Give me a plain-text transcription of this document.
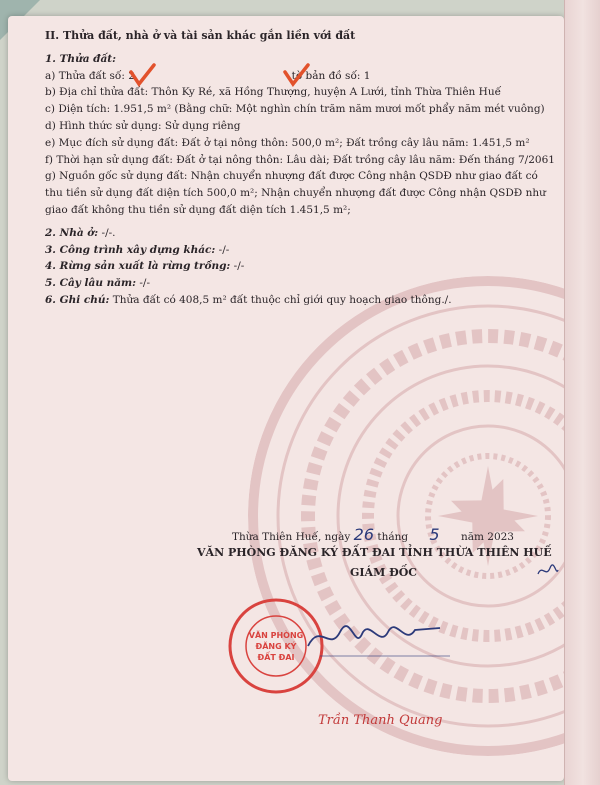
II. Thửa đất, nhà ở và tài sản khác gắn liền với đất
1. Thửa đất:
a) Thửa đất số: 2	tờ bản đồ số: 1
b) Địa chỉ thửa đất: Thôn Ky Ré, xã Hồng Thượng, huyện A Lưới, tỉnh Thừa Thiên Huế
c) Diện tích: 1.951,5 m² (Bằng chữ: Một nghìn chín trăm năm mươi mốt phẩy năm mét vuông)
d) Hình thức sử dụng: Sử dụng riêng
e) Mục đích sử dụng đất: Đất ở tại nông thôn: 500,0 m²; Đất trồng cây lâu năm: 1.451,5 m²
f) Thời hạn sử dụng đất: Đất ở tại nông thôn: Lâu dài; Đất trồng cây lâu năm: Đến tháng 7/2061
g) Nguồn gốc sử dụng đất: Nhận chuyển nhượng đất được Công nhận QSDĐ như giao đất có
thu tiền sử dụng đất diện tích 500,0 m²; Nhận chuyển nhượng đất được Công nhận QSDĐ như
giao đất không thu tiền sử dụng đất diện tích 1.451,5 m²;
2. Nhà ở: -/-.
3. Công trình xây dựng khác: -/-
4. Rừng sản xuất là rừng trồng: -/-
5. Cây lâu năm: -/-
6. Ghi chú: Thửa đất có 408,5 m² đất thuộc chỉ giới quy hoạch giao thông./.
Thừa Thiên Huế, ngày 26 tháng 5 năm 2023
VĂN PHÒNG ĐĂNG KÝ ĐẤT ĐAI TỈNH THỪA THIÊN HUẾ
GIÁM ĐỐC
VĂN PHÒNG
ĐĂNG KÝ
ĐẤT ĐAI
Trần Thanh Quang
